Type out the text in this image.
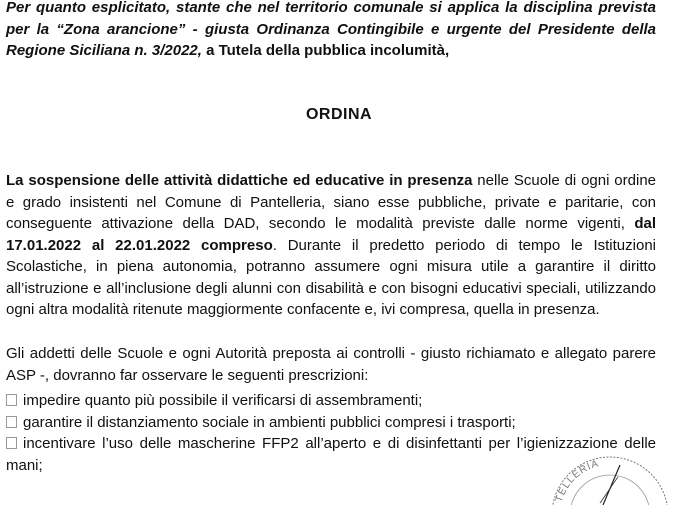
Per quanto esplicitato, stante che nel territorio comunale si applica la disciplina prevista per la “Zona arancione” - giusta Ordinanza Contingibile e urgente del Presidente della Regione Siciliana n. 3/2022, a Tutela della pubblica incolumità,

ORDINA

La sospensione delle attività didattiche ed educative in presenza nelle Scuole di ogni ordine e grado insistenti nel Comune di Pantelleria, siano esse pubbliche, private e paritarie, con conseguente attivazione della DAD, secondo le modalità previste dalle norme vigenti, dal 17.01.2022 al 22.01.2022 compreso. Durante il predetto periodo di tempo le Istituzioni Scolastiche, in piena autonomia, potranno assumere ogni misura utile a garantire il diritto all’istruzione e all’inclusione degli alunni con disabilità e con bisogni educativi speciali, utilizzando ogni altra modalità ritenute maggiormente confacente e, ivi compresa, quella in presenza.

Gli addetti delle Scuole e ogni Autorità preposta ai controlli - giusto richiamato e allegato parere ASP -, dovranno far osservare le seguenti prescrizioni:

impedire quanto più possibile il verificarsi di assembramenti;

garantire il distanziamento sociale in ambienti pubblici compresi i trasporti;

incentivare l’uso delle mascherine FFP2 all’aperto e di disinfettanti per l’igienizzazione delle mani;

TELLERIA
